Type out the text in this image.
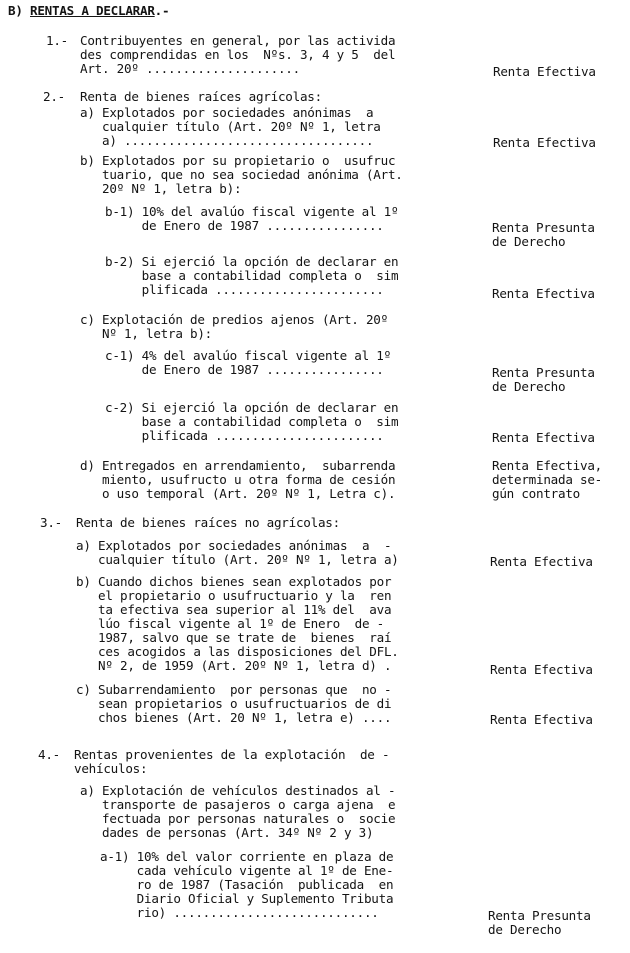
B) RENTAS A DECLARAR.-
1.- Contribuyentes en general, por las activida
des comprendidas en los  Nºs. 3, 4 y 5  del
Art. 20º .....................	Renta Efectiva
2.- Renta de bienes raíces agrícolas:
a) Explotados por sociedades anónimas  a
cualquier título (Art. 20º Nº 1, letra
a) ..................................	Renta Efectiva
b) Explotados por su propietario o  usufruc
tuario, que no sea sociedad anónima (Art.
20º Nº 1, letra b):
b-1) 10% del avalúo fiscal vigente al 1º
de Enero de 1987 ................	Renta Presunta
de Derecho
b-2) Si ejerció la opción de declarar en
base a contabilidad completa o  sim
plificada .......................	Renta Efectiva
c) Explotación de predios ajenos (Art. 20º
Nº 1, letra b):
c-1) 4% del avalúo fiscal vigente al 1º
de Enero de 1987 ................	Renta Presunta
de Derecho
c-2) Si ejerció la opción de declarar en
base a contabilidad completa o  sim
plificada .......................	Renta Efectiva
d) Entregados en arrendamiento,  subarrenda
miento, usufructo u otra forma de cesión
o uso temporal (Art. 20º Nº 1, Letra c).
Renta Efectiva,
determinada se-
gún contrato
3.- Renta de bienes raíces no agrícolas:
a) Explotados por sociedades anónimas  a  -
cualquier título (Art. 20º Nº 1, letra a)	Renta Efectiva
b) Cuando dichos bienes sean explotados por
el propietario o usufructuario y la  ren
ta efectiva sea superior al 11% del  ava
lúo fiscal vigente al 1º de Enero  de -
1987, salvo que se trate de  bienes  raí
ces acogidos a las disposiciones del DFL.
Nº 2, de 1959 (Art. 20º Nº 1, letra d) .	Renta Efectiva
c) Subarrendamiento  por personas que  no -
sean propietarios o usufructuarios de di
chos bienes (Art. 20 Nº 1, letra e) ....	Renta Efectiva
4.- Rentas provenientes de la explotación  de -
vehículos:
a) Explotación de vehículos destinados al -
transporte de pasajeros o carga ajena  e
fectuada por personas naturales o  socie
dades de personas (Art. 34º Nº 2 y 3)
a-1) 10% del valor corriente en plaza de
cada vehículo vigente al 1º de Ene-
ro de 1987 (Tasación  publicada  en
Diario Oficial y Suplemento Tributa
rio) ............................	Renta Presunta
de Derecho
